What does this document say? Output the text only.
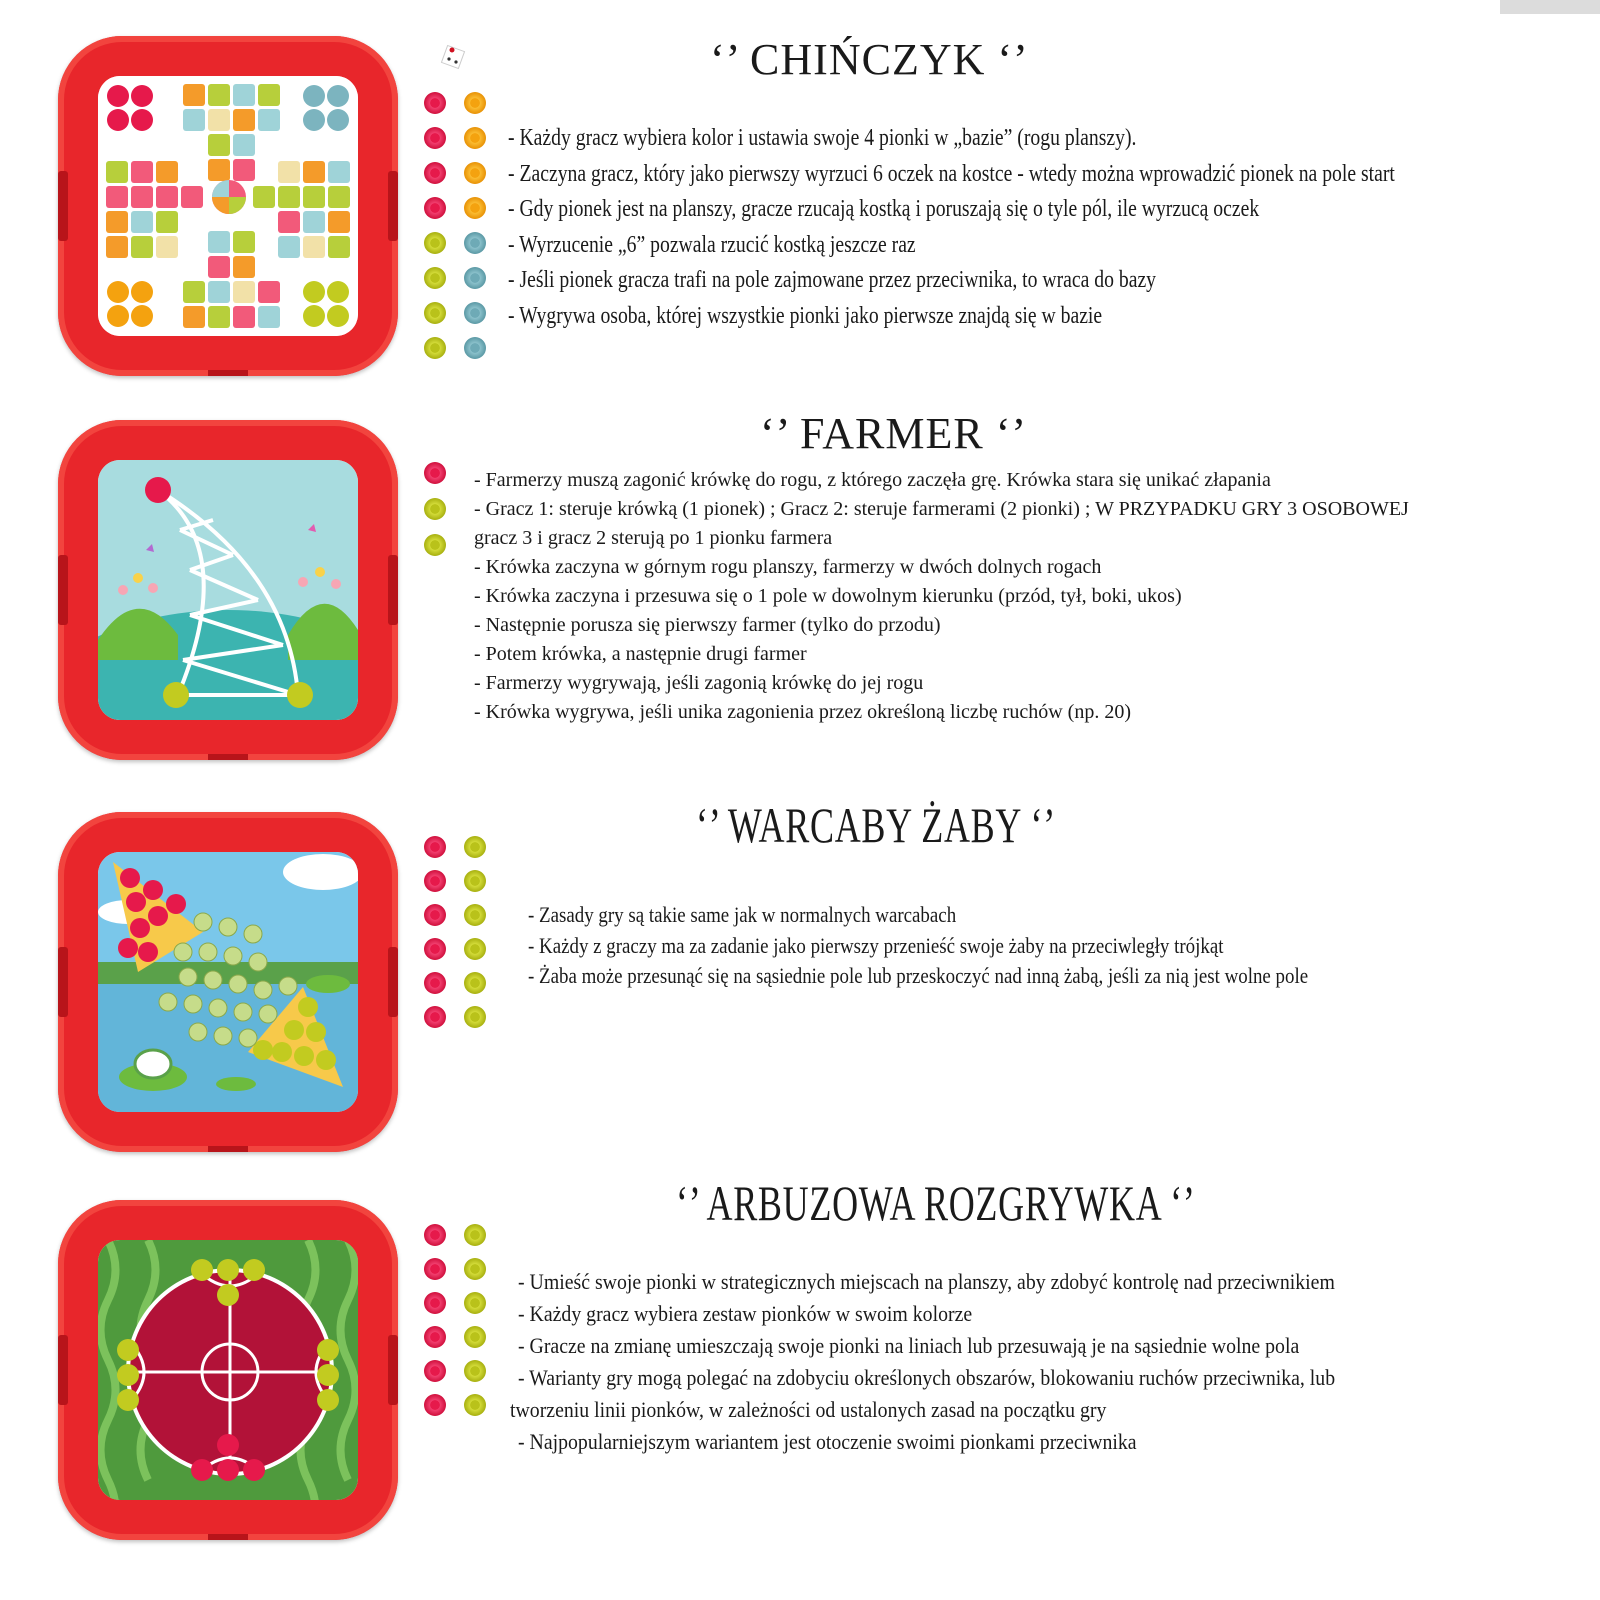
‘’ CHIŃCZYK ‘’
- Każdy gracz wybiera kolor i ustawia swoje 4 pionki w „bazie” (rogu planszy).
- Zaczyna gracz, który jako pierwszy wyrzuci 6 oczek na kostce - wtedy można wprowadzić pionek na pole start
- Gdy pionek jest na planszy, gracze rzucają kostką i poruszają się o tyle pól, ile wyrzucą oczek
- Wyrzucenie „6” pozwala rzucić kostką jeszcze raz
- Jeśli pionek gracza trafi na pole zajmowane przez przeciwnika, to wraca do bazy
- Wygrywa osoba, której wszystkie pionki jako pierwsze znajdą się w bazie
‘’ FARMER ‘’
- Farmerzy muszą zagonić krówkę do rogu, z którego zaczęła grę. Krówka stara się unikać złapania
- Gracz 1: steruje krówką (1 pionek) ; Gracz 2: steruje farmerami (2 pionki) ; W PRZYPADKU GRY 3 OSOBOWEJ
gracz 3 i gracz 2 sterują po 1 pionku farmera
- Krówka zaczyna w górnym rogu planszy, farmerzy w dwóch dolnych rogach
- Krówka zaczyna i przesuwa się o 1 pole w dowolnym kierunku (przód, tył, boki, ukos)
- Następnie porusza się pierwszy farmer (tylko do przodu)
- Potem krówka, a następnie drugi farmer
- Farmerzy wygrywają, jeśli zagonią krówkę do jej rogu
- Krówka wygrywa, jeśli unika zagonienia przez określoną liczbę ruchów (np. 20)
‘’ WARCABY ŻABY ‘’
- Zasady gry są takie same jak w normalnych warcabach
- Każdy z graczy ma za zadanie jako pierwszy przenieść swoje żaby na przeciwległy trójkąt
- Żaba może przesunąć się na sąsiednie pole lub przeskoczyć nad inną żabą, jeśli za nią jest wolne pole
‘’ ARBUZOWA ROZGRYWKA ‘’
- Umieść swoje pionki w strategicznych miejscach na planszy, aby zdobyć kontrolę nad przeciwnikiem
- Każdy gracz wybiera zestaw pionków w swoim kolorze
- Gracze na zmianę umieszczają swoje pionki na liniach lub przesuwają je na sąsiednie wolne pola
- Warianty gry mogą polegać na zdobyciu określonych obszarów, blokowaniu ruchów przeciwnika, lub
tworzeniu linii pionków, w zależności od ustalonych zasad na początku gry
- Najpopularniejszym wariantem jest otoczenie swoimi pionkami przeciwnika
